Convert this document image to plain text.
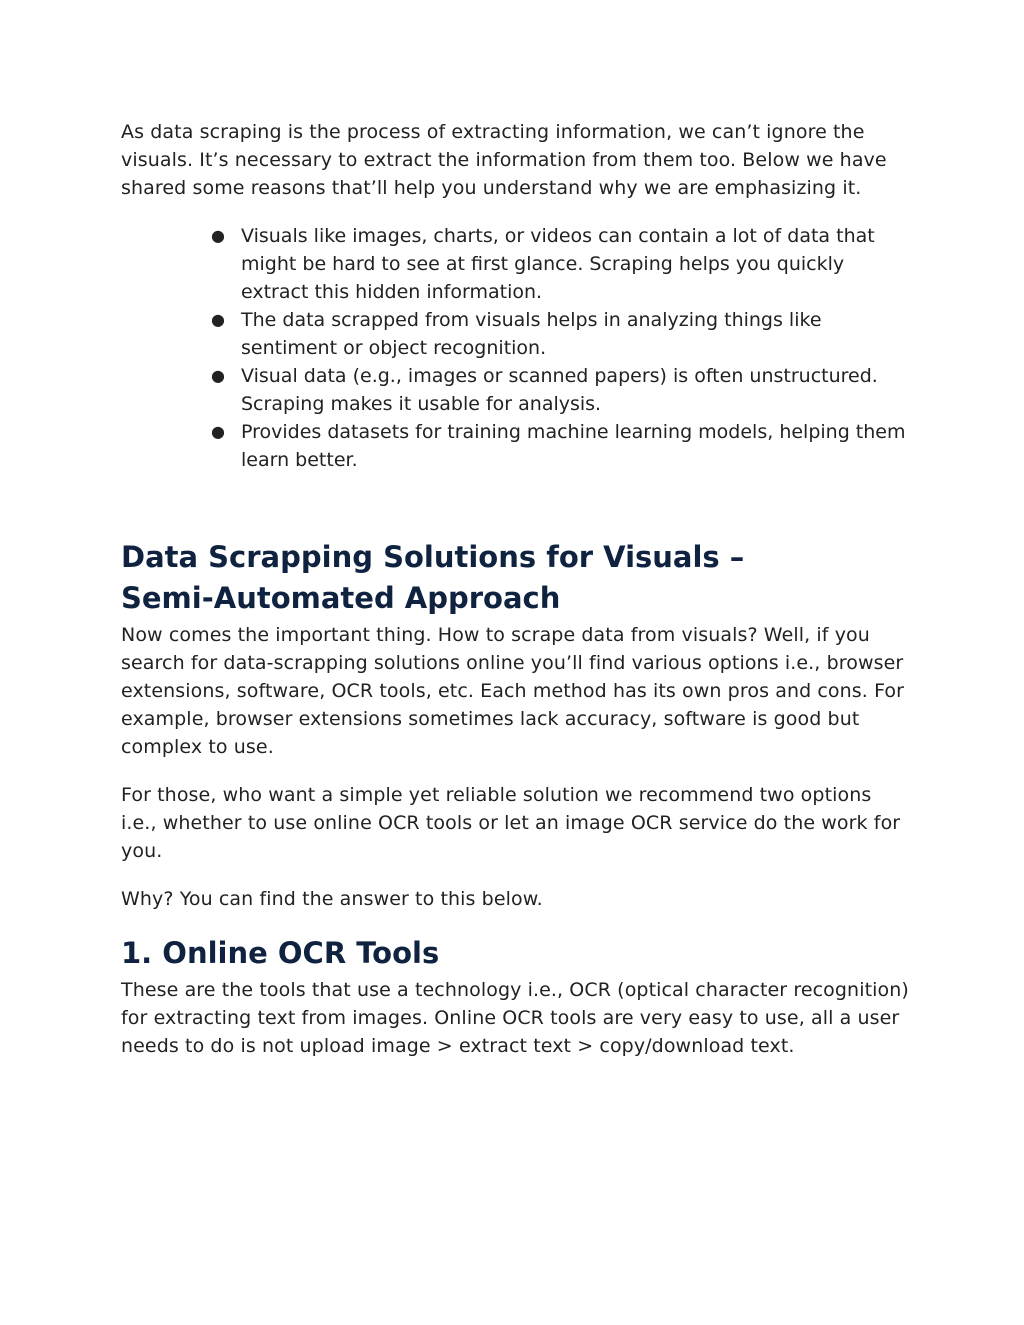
As data scraping is the process of extracting information, we can’t ignore the visuals. It’s necessary to extract the information from them too. Below we have shared some reasons that’ll help you understand why we are emphasizing it.

● Visuals like images, charts, or videos can contain a lot of data that might be hard to see at first glance. Scraping helps you quickly extract this hidden information.
● The data scrapped from visuals helps in analyzing things like sentiment or object recognition.
● Visual data (e.g., images or scanned papers) is often unstructured. Scraping makes it usable for analysis.
● Provides datasets for training machine learning models, helping them learn better.
Data Scrapping Solutions for Visuals –
Semi-Automated Approach

Now comes the important thing. How to scrape data from visuals? Well, if you search for data-scrapping solutions online you’ll find various options i.e., browser extensions, software, OCR tools, etc. Each method has its own pros and cons. For example, browser extensions sometimes lack accuracy, software is good but complex to use.

For those, who want a simple yet reliable solution we recommend two options i.e., whether to use online OCR tools or let an image OCR service do the work for you.

Why? You can find the answer to this below.

1. Online OCR Tools

These are the tools that use a technology i.e., OCR (optical character recognition) for extracting text from images. Online OCR tools are very easy to use, all a user needs to do is not upload image > extract text > copy/download text.
